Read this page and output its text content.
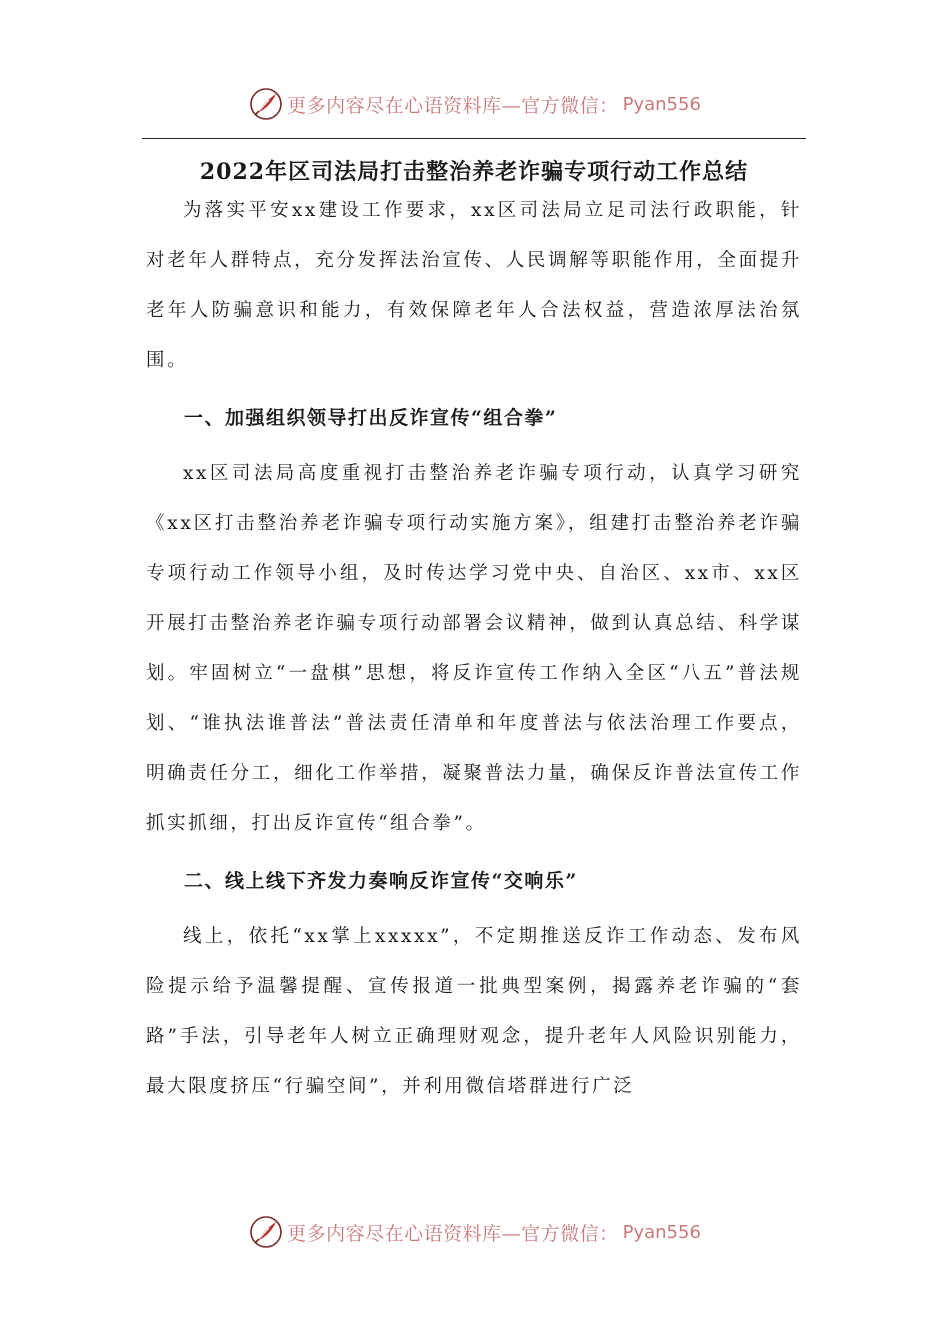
更多内容尽在心语资料库—官方微信： Pyan556
2022年区司法局打击整治养老诈骗专项行动工作总结

为落实平安xx建设工作要求，xx区司法局立足司法行政职能，针对老年人群特点，充分发挥法治宣传、人民调解等职能作用，全面提升老年人防骗意识和能力，有效保障老年人合法权益，营造浓厚法治氛围。

一、加强组织领导打出反诈宣传“组合拳”

xx区司法局高度重视打击整治养老诈骗专项行动，认真学习研究《xx区打击整治养老诈骗专项行动实施方案》，组建打击整治养老诈骗专项行动工作领导小组，及时传达学习党中央、自治区、xx市、xx区开展打击整治养老诈骗专项行动部署会议精神，做到认真总结、科学谋划。牢固树立“一盘棋”思想，将反诈宣传工作纳入全区“八五”普法规划、“谁执法谁普法”普法责任清单和年度普法与依法治理工作要点，明确责任分工，细化工作举措，凝聚普法力量，确保反诈普法宣传工作抓实抓细，打出反诈宣传“组合拳”。

二、线上线下齐发力奏响反诈宣传“交响乐”

线上，依托“xx掌上xxxxx”，不定期推送反诈工作动态、发布风险提示给予温馨提醒、宣传报道一批典型案例，揭露养老诈骗的“套路”手法，引导老年人树立正确理财观念，提升老年人风险识别能力，最大限度挤压“行骗空间”，并利用微信塔群进行广泛

更多内容尽在心语资料库—官方微信： Pyan556
